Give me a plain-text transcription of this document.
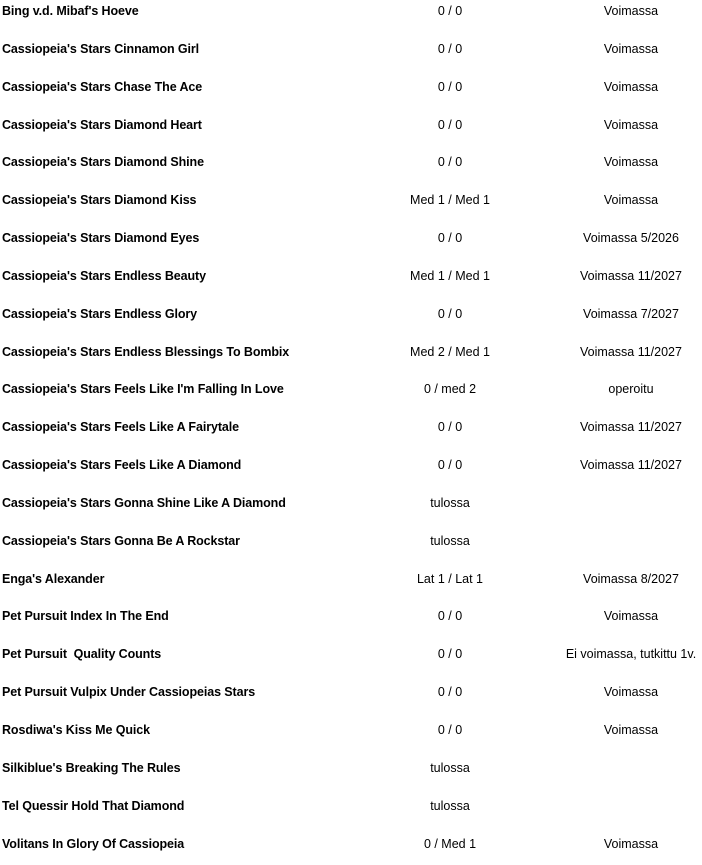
Bing v.d. Mibaf's Hoeve	0 / 0	Voimassa
Cassiopeia's Stars Cinnamon Girl	0 / 0	Voimassa
Cassiopeia's Stars Chase The Ace	0 / 0	Voimassa
Cassiopeia's Stars Diamond Heart	0 / 0	Voimassa
Cassiopeia's Stars Diamond Shine	0 / 0	Voimassa
Cassiopeia's Stars Diamond Kiss	Med 1 / Med 1	Voimassa
Cassiopeia's Stars Diamond Eyes	0 / 0	Voimassa 5/2026
Cassiopeia's Stars Endless Beauty	Med 1 / Med 1	Voimassa 11/2027
Cassiopeia's Stars Endless Glory	0 / 0	Voimassa 7/2027
Cassiopeia's Stars Endless Blessings To Bombix	Med 2 / Med 1	Voimassa 11/2027
Cassiopeia's Stars Feels Like I'm Falling In Love	0 / med 2	operoitu
Cassiopeia's Stars Feels Like A Fairytale	0 / 0	Voimassa 11/2027
Cassiopeia's Stars Feels Like A Diamond	0 / 0	Voimassa 11/2027
Cassiopeia's Stars Gonna Shine Like A Diamond	tulossa
Cassiopeia's Stars Gonna Be A Rockstar	tulossa
Enga's Alexander	Lat 1 / Lat 1	Voimassa 8/2027
Pet Pursuit Index In The End	0 / 0	Voimassa
Pet Pursuit  Quality Counts	0 / 0	Ei voimassa, tutkittu 1v.
Pet Pursuit Vulpix Under Cassiopeias Stars	0 / 0	Voimassa
Rosdiwa's Kiss Me Quick	0 / 0	Voimassa
Silkiblue's Breaking The Rules	tulossa
Tel Quessir Hold That Diamond	tulossa
Volitans In Glory Of Cassiopeia	0 / Med 1	Voimassa
